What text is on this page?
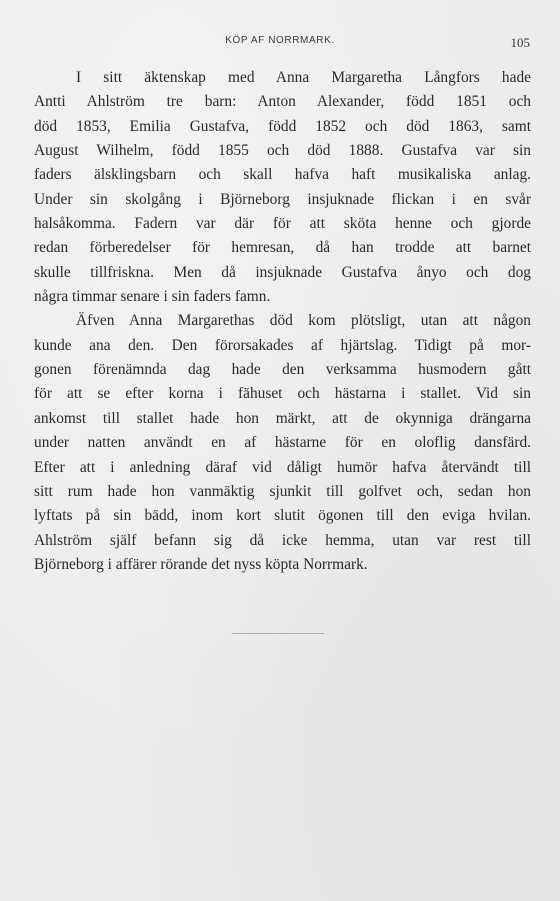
KÖP AF NORRMARK.	105
I sitt äktenskap med Anna Margaretha Långfors hade
Antti Ahlström tre barn: Anton Alexander, född 1851 och
död 1853, Emilia Gustafva, född 1852 och död 1863, samt
August Wilhelm, född 1855 och död 1888. Gustafva var sin
faders älsklingsbarn och skall hafva haft musikaliska anlag.
Under sin skolgång i Björneborg insjuknade flickan i en svår
halsåkomma. Fadern var där för att sköta henne och gjorde
redan förberedelser för hemresan, då han trodde att barnet
skulle tillfriskna. Men då insjuknade Gustafva ånyo och dog
några timmar senare i sin faders famn.
Äfven Anna Margarethas död kom plötsligt, utan att någon
kunde ana den. Den förorsakades af hjärtslag. Tidigt på mor-
gonen förenämnda dag hade den verksamma husmodern gått
för att se efter korna i fähuset och hästarna i stallet. Vid sin
ankomst till stallet hade hon märkt, att de okynniga drängarna
under natten användt en af hästarne för en oloflig dansfärd.
Efter att i anledning däraf vid dåligt humör hafva återvändt till
sitt rum hade hon vanmäktig sjunkit till golfvet och, sedan hon
lyftats på sin bädd, inom kort slutit ögonen till den eviga hvilan.
Ahlström själf befann sig då icke hemma, utan var rest till
Björneborg i affärer rörande det nyss köpta Norrmark.
